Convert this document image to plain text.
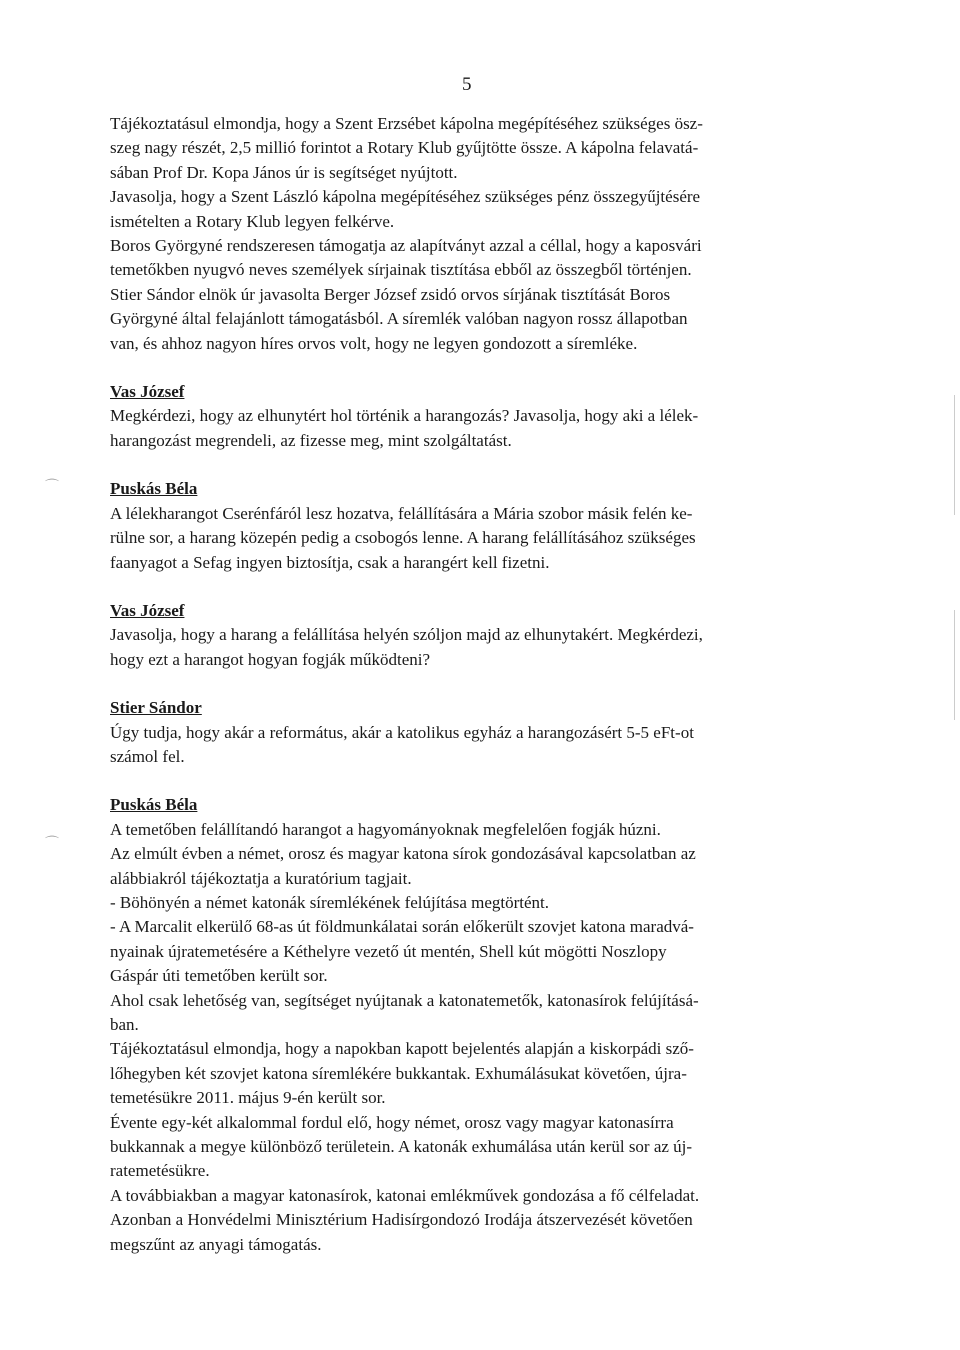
5
⌒
⌒

Tájékoztatásul elmondja, hogy a Szent Erzsébet kápolna megépítéséhez szükséges ösz-

szeg nagy részét, 2,5 millió forintot a Rotary Klub gyűjtötte össze. A kápolna felavatá-

sában Prof Dr. Kopa János úr is segítséget nyújtott.

Javasolja, hogy a Szent László kápolna megépítéséhez szükséges pénz összegyűjtésére

ismételten a Rotary Klub legyen felkérve.

Boros Györgyné rendszeresen támogatja az alapítványt azzal a céllal, hogy a kaposvári

temetőkben nyugvó neves személyek sírjainak tisztítása ebből az összegből történjen.

Stier Sándor elnök úr javasolta Berger József zsidó orvos sírjának tisztítását Boros

Györgyné által felajánlott támogatásból. A síremlék valóban nagyon rossz állapotban

van, és ahhoz nagyon híres orvos volt, hogy ne legyen gondozott a síremléke.

Vas József

Megkérdezi, hogy az elhunytért hol történik a harangozás? Javasolja, hogy aki a lélek-

harangozást megrendeli, az fizesse meg, mint szolgáltatást.

Puskás Béla

A lélekharangot Cserénfáról lesz hozatva, felállítására a Mária szobor másik felén ke-

rülne sor, a harang közepén pedig a csobogós lenne. A harang felállításához szükséges

faanyagot a Sefag ingyen biztosítja, csak a harangért kell fizetni.

Vas József

Javasolja, hogy a harang a felállítása helyén szóljon majd az elhunytakért. Megkérdezi,

hogy ezt a harangot hogyan fogják működteni?

Stier Sándor

Úgy tudja, hogy akár a református, akár a katolikus egyház a harangozásért 5-5 eFt-ot

számol fel.

Puskás Béla

A temetőben felállítandó harangot a hagyományoknak megfelelően fogják húzni.

Az elmúlt évben a német, orosz és magyar katona sírok gondozásával kapcsolatban az

alábbiakról tájékoztatja a kuratórium tagjait.

- Böhönyén a német katonák síremlékének felújítása megtörtént.

- A Marcalit elkerülő 68-as út földmunkálatai során előkerült szovjet katona maradvá-

nyainak újratemetésére a Kéthelyre vezető út mentén, Shell kút mögötti Noszlopy

Gáspár úti temetőben került sor.

Ahol csak lehetőség van, segítséget nyújtanak a katonatemetők, katonasírok felújításá-

ban.

Tájékoztatásul elmondja, hogy a napokban kapott bejelentés alapján a kiskorpádi sző-

lőhegyben két szovjet katona síremlékére bukkantak. Exhumálásukat követően, újra-

temetésükre 2011. május 9-én került sor.

Évente egy-két alkalommal fordul elő, hogy német, orosz vagy magyar katonasírra

bukkannak a megye különböző területein. A katonák exhumálása után kerül sor az új-

ratemetésükre.

A továbbiakban a magyar katonasírok, katonai emlékművek gondozása a fő célfeladat.

Azonban a Honvédelmi Minisztérium Hadisírgondozó Irodája átszervezését követően

megszűnt az anyagi támogatás.
